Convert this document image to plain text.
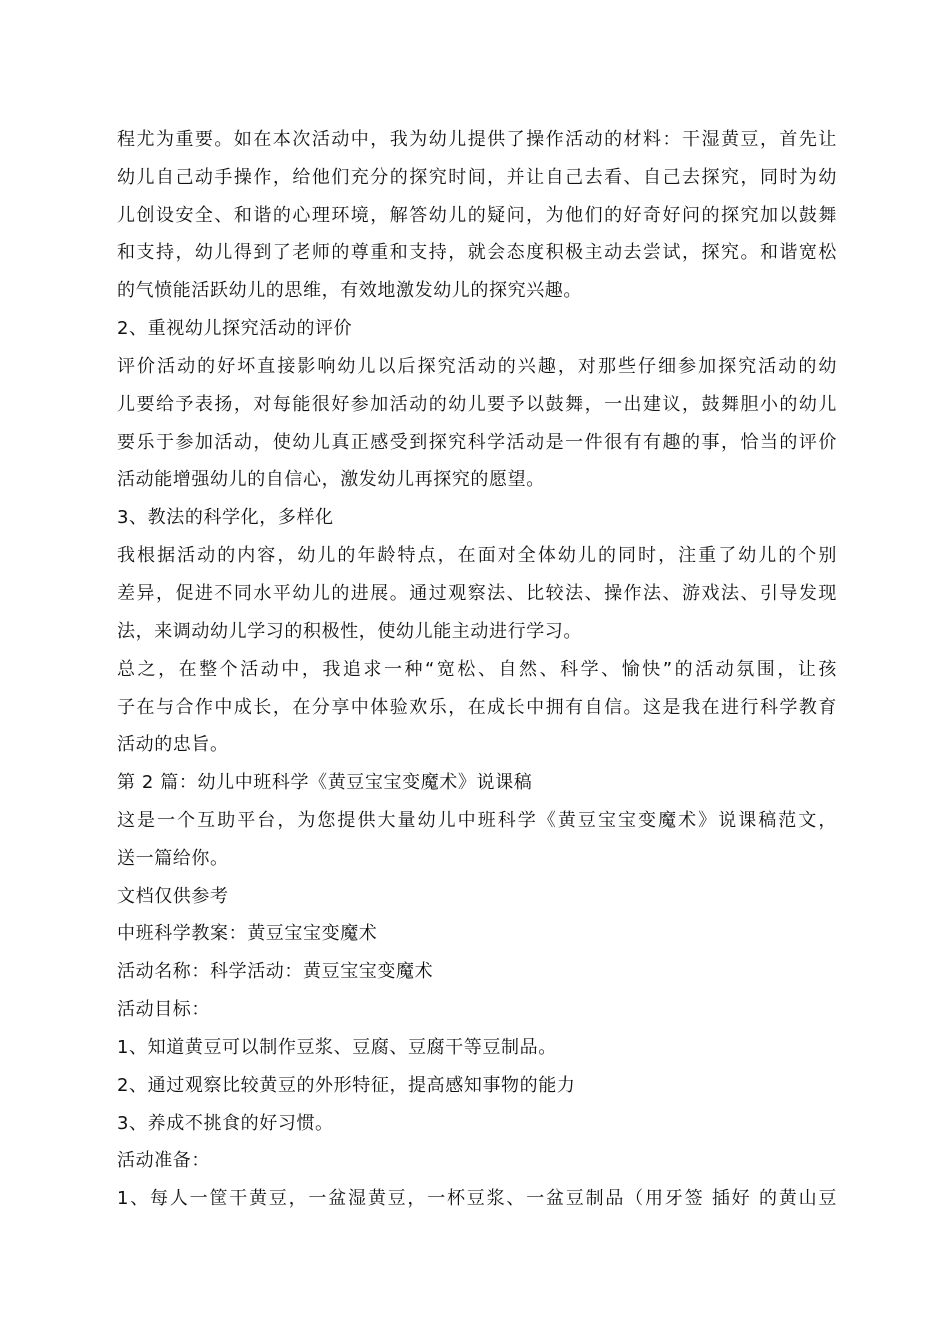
程尤为重要。如在本次活动中，我为幼儿提供了操作活动的材料：干湿黄豆，首先让
幼儿自己动手操作，给他们充分的探究时间，并让自己去看、自己去探究，同时为幼
儿创设安全、和谐的心理环境，解答幼儿的疑问，为他们的好奇好问的探究加以鼓舞
和支持，幼儿得到了老师的尊重和支持，就会态度积极主动去尝试，探究。和谐宽松
的气愤能活跃幼儿的思维，有效地激发幼儿的探究兴趣。
2、重视幼儿探究活动的评价
评价活动的好坏直接影响幼儿以后探究活动的兴趣，对那些仔细参加探究活动的幼
儿要给予表扬，对每能很好参加活动的幼儿要予以鼓舞，一出建议，鼓舞胆小的幼儿
要乐于参加活动，使幼儿真正感受到探究科学活动是一件很有有趣的事，恰当的评价
活动能增强幼儿的自信心，激发幼儿再探究的愿望。
3、教法的科学化，多样化
我根据活动的内容，幼儿的年龄特点，在面对全体幼儿的同时，注重了幼儿的个别
差异，促进不同水平幼儿的进展。通过观察法、比较法、操作法、游戏法、引导发现
法，来调动幼儿学习的积极性，使幼儿能主动进行学习。
总之，在整个活动中，我追求一种“宽松、自然、科学、愉快”的活动氛围，让孩
子在与合作中成长，在分享中体验欢乐，在成长中拥有自信。这是我在进行科学教育
活动的忠旨。
第 2 篇：幼儿中班科学《黄豆宝宝变魔术》说课稿
这是一个互助平台，为您提供大量幼儿中班科学《黄豆宝宝变魔术》说课稿范文，
送一篇给你。
文档仅供参考
中班科学教案：黄豆宝宝变魔术
活动名称：科学活动：黄豆宝宝变魔术
活动目标：
1、知道黄豆可以制作豆浆、豆腐、豆腐干等豆制品。
2、通过观察比较黄豆的外形特征，提高感知事物的能力
3、养成不挑食的好习惯。
活动准备：
1、每人一筐干黄豆，一盆湿黄豆，一杯豆浆、一盆豆制品（用牙签 插好 的黄山豆
